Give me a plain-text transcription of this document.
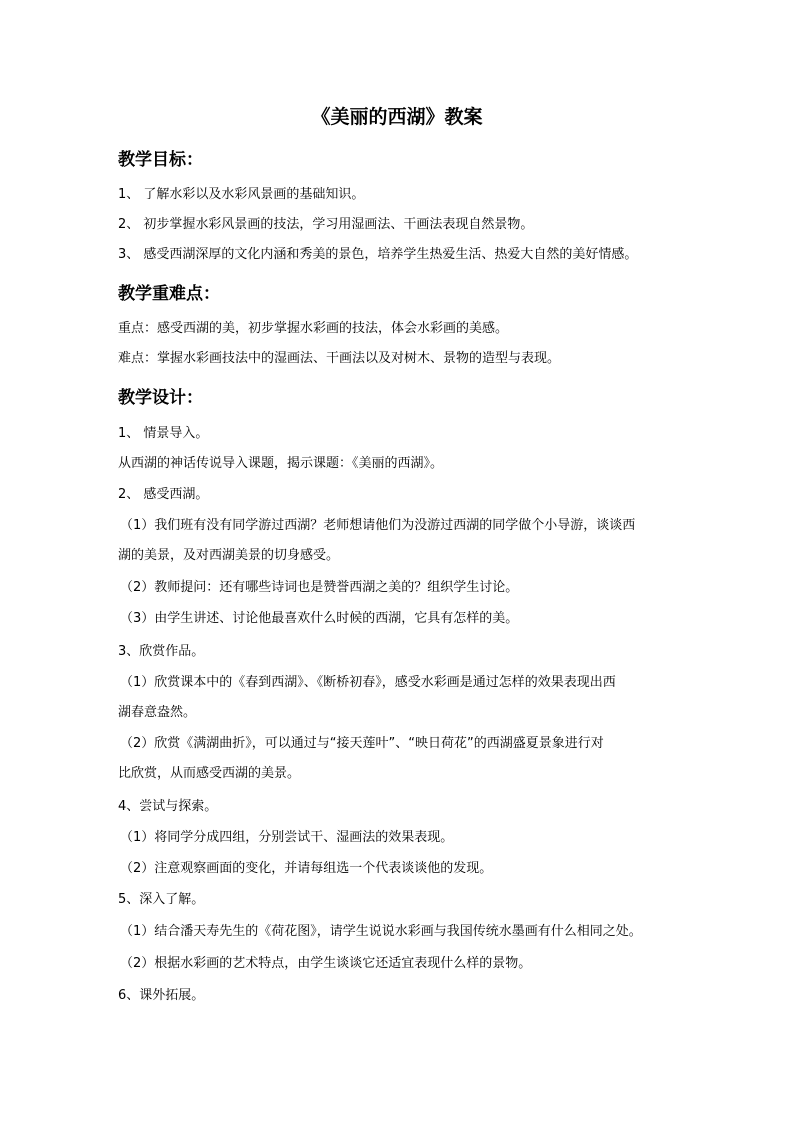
《美丽的西湖》教案
教学目标：
1、 了解水彩以及水彩风景画的基础知识。
2、 初步掌握水彩风景画的技法，学习用湿画法、干画法表现自然景物。
3、 感受西湖深厚的文化内涵和秀美的景色，培养学生热爱生活、热爱大自然的美好情感。
教学重难点：
重点：感受西湖的美，初步掌握水彩画的技法，体会水彩画的美感。
难点：掌握水彩画技法中的湿画法、干画法以及对树木、景物的造型与表现。
教学设计：
1、 情景导入。
从西湖的神话传说导入课题，揭示课题：《美丽的西湖》。
2、 感受西湖。
（1）我们班有没有同学游过西湖？老师想请他们为没游过西湖的同学做个小导游，谈谈西
湖的美景，及对西湖美景的切身感受。
（2）教师提问：还有哪些诗词也是赞誉西湖之美的？组织学生讨论。
（3）由学生讲述、讨论他最喜欢什么时候的西湖，它具有怎样的美。
3、欣赏作品。
（1）欣赏课本中的《春到西湖》、《断桥初春》，感受水彩画是通过怎样的效果表现出西
湖春意盎然。
（2）欣赏《满湖曲折》，可以通过与“接天莲叶”、“映日荷花”的西湖盛夏景象进行对
比欣赏，从而感受西湖的美景。
4、尝试与探索。
（1）将同学分成四组，分别尝试干、湿画法的效果表现。
（2）注意观察画面的变化，并请每组选一个代表谈谈他的发现。
5、深入了解。
（1）结合潘天寿先生的《荷花图》，请学生说说水彩画与我国传统水墨画有什么相同之处。
（2）根据水彩画的艺术特点，由学生谈谈它还适宜表现什么样的景物。
6、课外拓展。
